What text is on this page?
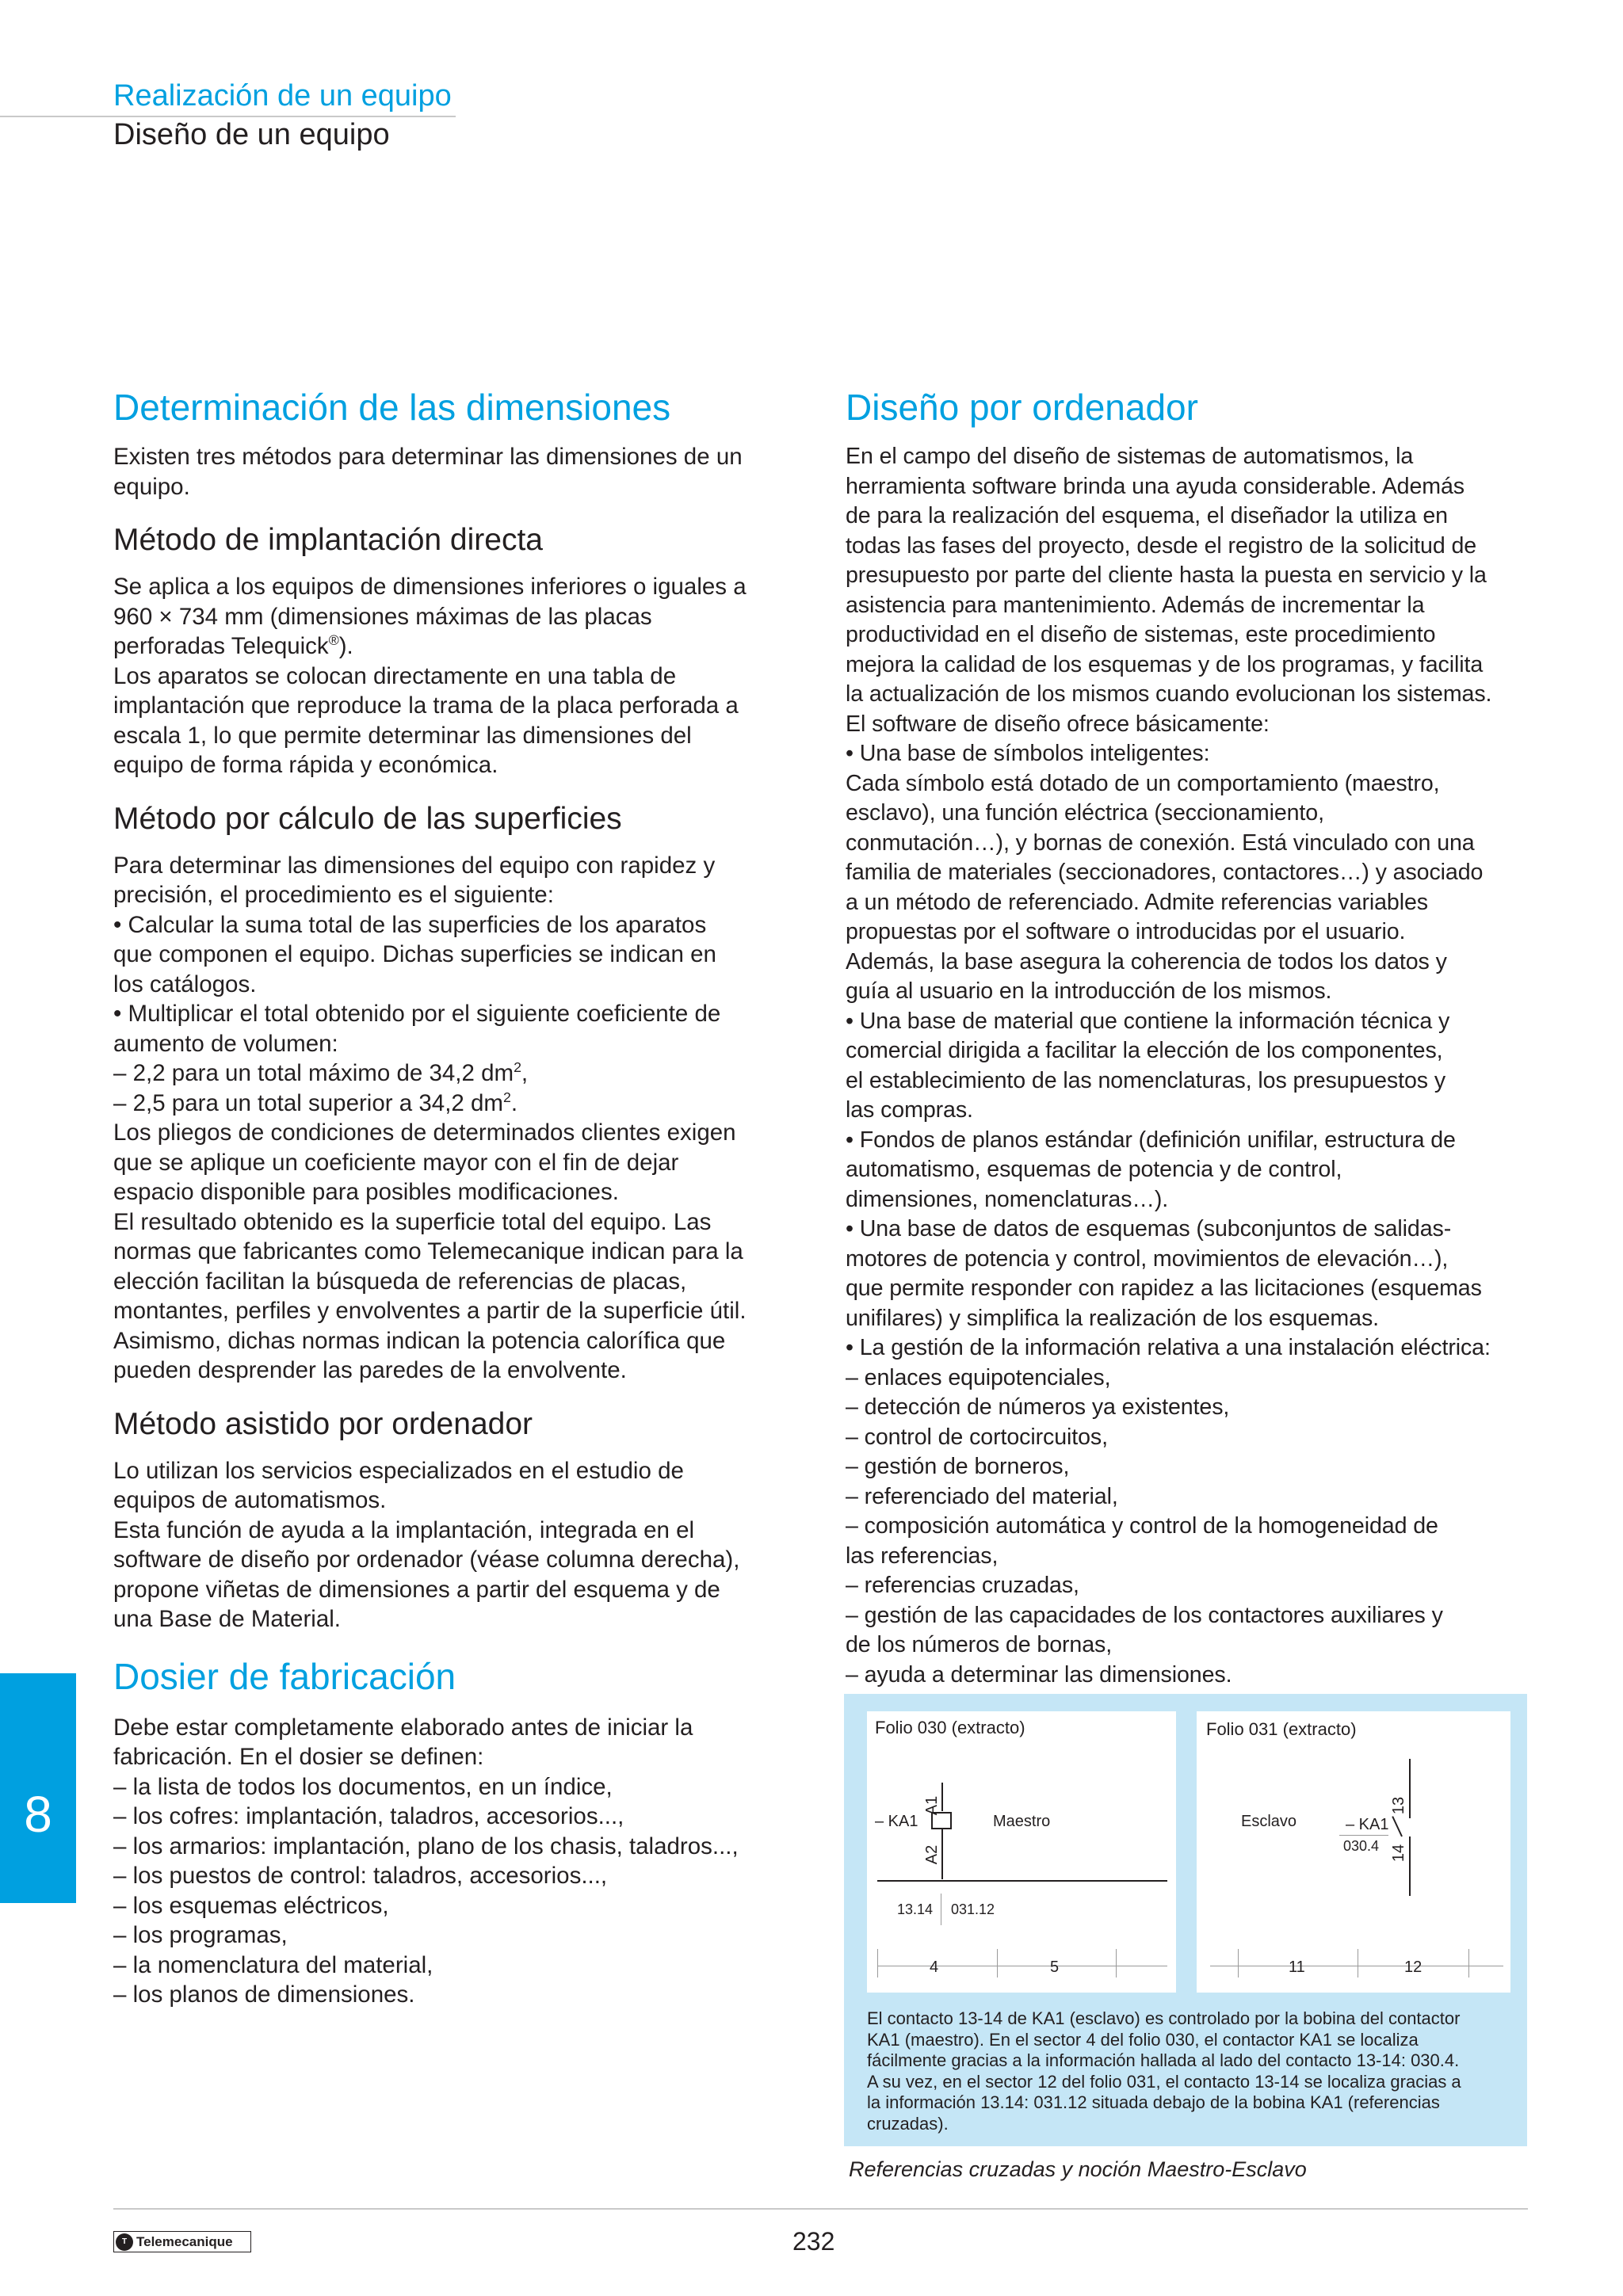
Realización de un equipo
Diseño de un equipo
8
Determinación de las dimensiones
Existen tres métodos para determinar las dimensiones de un
equipo.
Método de implantación directa
Se aplica a los equipos de dimensiones inferiores o iguales a
960 × 734 mm (dimensiones máximas de las placas
perforadas Telequick®).
Los aparatos se colocan directamente en una tabla de
implantación que reproduce la trama de la placa perforada a
escala 1, lo que permite determinar las dimensiones del
equipo de forma rápida y económica.
Método por cálculo de las superficies
Para determinar las dimensiones del equipo con rapidez y
precisión, el procedimiento es el siguiente:
• Calcular la suma total de las superficies de los aparatos
que componen el equipo. Dichas superficies se indican en
los catálogos.
• Multiplicar el total obtenido por el siguiente coeficiente de
aumento de volumen:
– 2,2 para un total máximo de 34,2 $dm^2$,
– 2,5 para un total superior a 34,2 $dm^2$.
Los pliegos de condiciones de determinados clientes exigen
que se aplique un coeficiente mayor con el fin de dejar
espacio disponible para posibles modificaciones.
El resultado obtenido es la superficie total del equipo. Las
normas que fabricantes como Telemecanique indican para la
elección facilitan la búsqueda de referencias de placas,
montantes, perfiles y envolventes a partir de la superficie útil.
Asimismo, dichas normas indican la potencia calorífica que
pueden desprender las paredes de la envolvente.
Método asistido por ordenador
Lo utilizan los servicios especializados en el estudio de
equipos de automatismos.
Esta función de ayuda a la implantación, integrada en el
software de diseño por ordenador (véase columna derecha),
propone viñetas de dimensiones a partir del esquema y de
una Base de Material.
Dosier de fabricación
Debe estar completamente elaborado antes de iniciar la
fabricación. En el dosier se definen:
– la lista de todos los documentos, en un índice,
– los cofres: implantación, taladros, accesorios...,
– los armarios: implantación, plano de los chasis, taladros...,
– los puestos de control: taladros, accesorios...,
– los esquemas eléctricos,
– los programas,
– la nomenclatura del material,
– los planos de dimensiones.
Diseño por ordenador
En el campo del diseño de sistemas de automatismos, la
herramienta software brinda una ayuda considerable. Además
de para la realización del esquema, el diseñador la utiliza en
todas las fases del proyecto, desde el registro de la solicitud de
presupuesto por parte del cliente hasta la puesta en servicio y la
asistencia para mantenimiento. Además de incrementar la
productividad en el diseño de sistemas, este procedimiento
mejora la calidad de los esquemas y de los programas, y facilita
la actualización de los mismos cuando evolucionan los sistemas.
El software de diseño ofrece básicamente:
• Una base de símbolos inteligentes:
Cada símbolo está dotado de un comportamiento (maestro,
esclavo), una función eléctrica (seccionamiento,
conmutación…), y bornas de conexión. Está vinculado con una
familia de materiales (seccionadores, contactores…) y asociado
a un método de referenciado. Admite referencias variables
propuestas por el software o introducidas por el usuario.
Además, la base asegura la coherencia de todos los datos y
guía al usuario en la introducción de los mismos.
• Una base de material que contiene la información técnica y
comercial dirigida a facilitar la elección de los componentes,
el establecimiento de las nomenclaturas, los presupuestos y
las compras.
• Fondos de planos estándar (definición unifilar, estructura de
automatismo, esquemas de potencia y de control,
dimensiones, nomenclaturas…).
• Una base de datos de esquemas (subconjuntos de salidas-
motores de potencia y control, movimientos de elevación…),
que permite responder con rapidez a las licitaciones (esquemas
unifilares) y simplifica la realización de los esquemas.
• La gestión de la información relativa a una instalación eléctrica:
– enlaces equipotenciales,
– detección de números ya existentes,
– control de cortocircuitos,
– gestión de borneros,
– referenciado del material,
– composición automática y control de la homogeneidad de
las referencias,
– referencias cruzadas,
– gestión de las capacidades de los contactores auxiliares y
de los números de bornas,
– ayuda a determinar las dimensiones.
Folio 030 (extracto)
A1
A2
– KA1	Maestro
13.14 031.12
4	5
Folio 031 (extracto)
Esclavo	– KA1
030.4
13
14
11	12
El contacto 13-14 de KA1 (esclavo) es controlado por la bobina del contactor
KA1 (maestro). En el sector 4 del folio 030, el contactor KA1 se localiza
fácilmente gracias a la información hallada al lado del contacto 13-14: 030.4.
A su vez, en el sector 12 del folio 031, el contacto 13-14 se localiza gracias a
la información 13.14: 031.12 situada debajo de la bobina KA1 (referencias
cruzadas).
Referencias cruzadas y noción Maestro-Esclavo
T Telemecanique	232
